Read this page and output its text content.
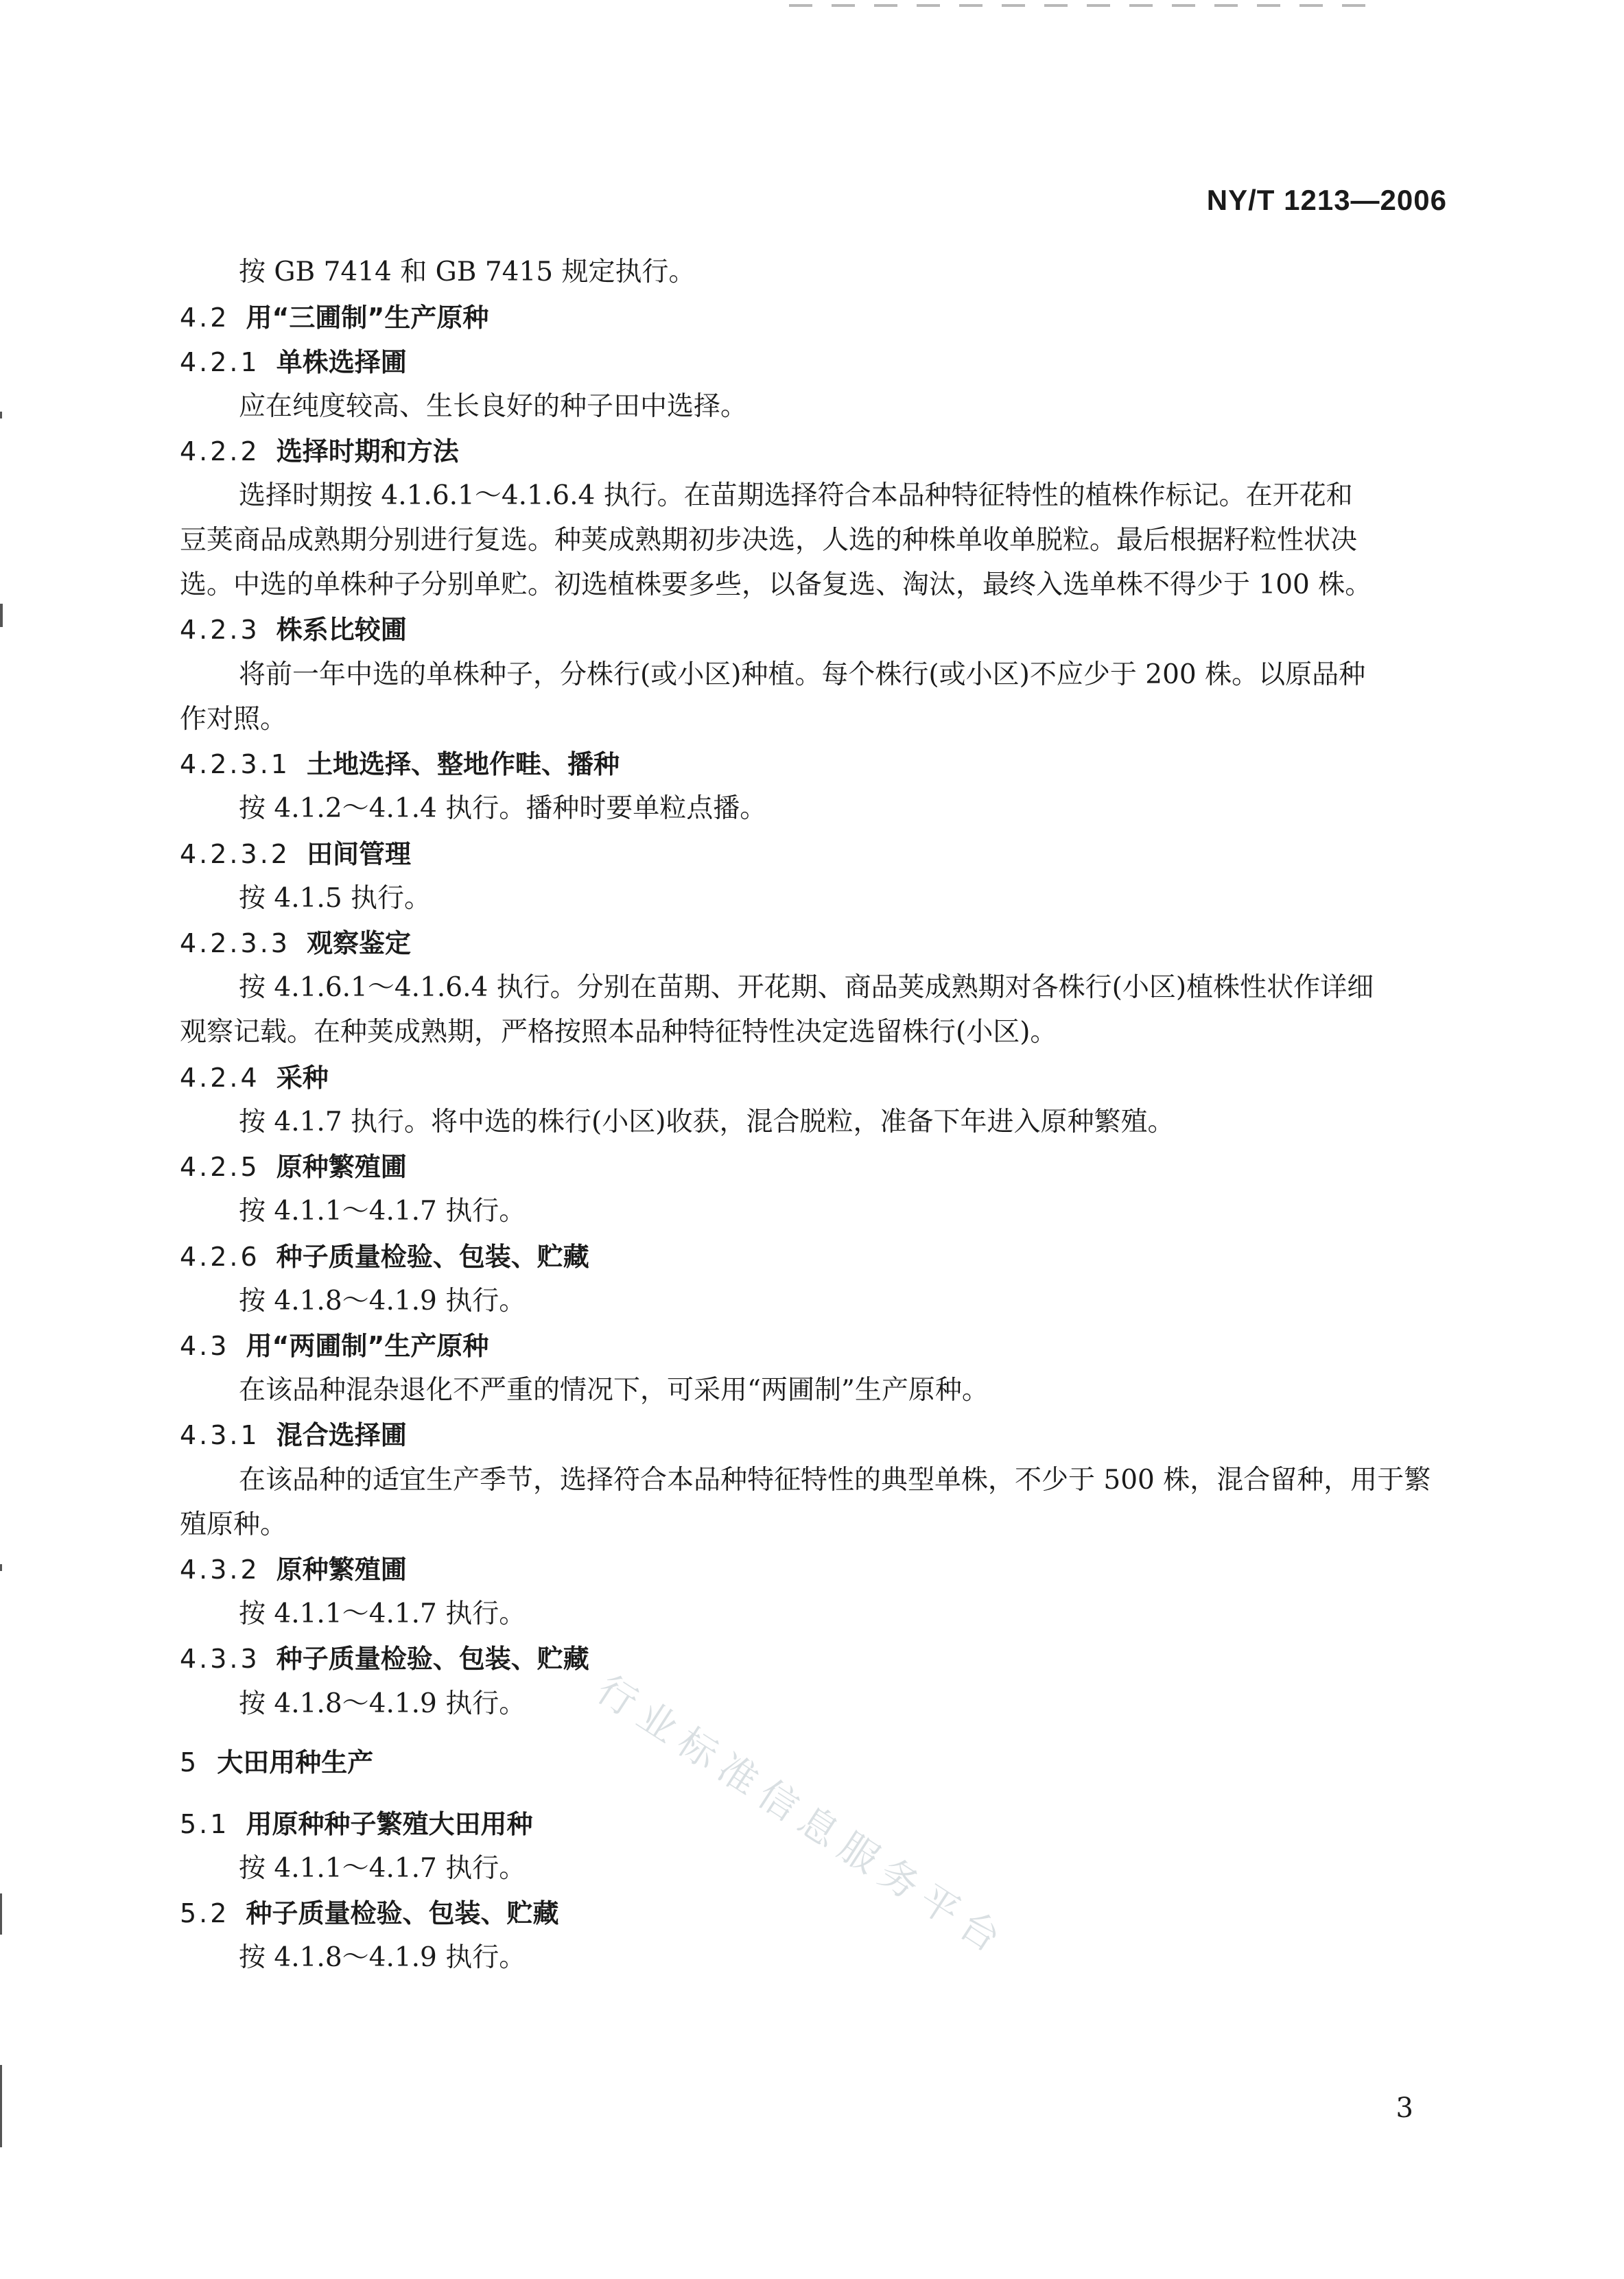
NY/T 1213—2006
按 GB 7414 和 GB 7415 规定执行。
4.2 用“三圃制”生产原种
4.2.1 单株选择圃
应在纯度较高、生长良好的种子田中选择。
4.2.2 选择时期和方法
选择时期按 4.1.6.1～4.1.6.4 执行。在苗期选择符合本品种特征特性的植株作标记。在开花和
豆荚商品成熟期分别进行复选。种荚成熟期初步决选，人选的种株单收单脱粒。最后根据籽粒性状决
选。中选的单株种子分别单贮。初选植株要多些，以备复选、淘汰，最终入选单株不得少于 100 株。
4.2.3 株系比较圃
将前一年中选的单株种子，分株行(或小区)种植。每个株行(或小区)不应少于 200 株。以原品种
作对照。
4.2.3.1 土地选择、整地作畦、播种
按 4.1.2～4.1.4 执行。播种时要单粒点播。
4.2.3.2 田间管理
按 4.1.5 执行。
4.2.3.3 观察鉴定
按 4.1.6.1～4.1.6.4 执行。分别在苗期、开花期、商品荚成熟期对各株行(小区)植株性状作详细
观察记载。在种荚成熟期，严格按照本品种特征特性决定选留株行(小区)。
4.2.4 采种
按 4.1.7 执行。将中选的株行(小区)收获，混合脱粒，准备下年进入原种繁殖。
4.2.5 原种繁殖圃
按 4.1.1～4.1.7 执行。
4.2.6 种子质量检验、包装、贮藏
按 4.1.8～4.1.9 执行。
4.3 用“两圃制”生产原种
在该品种混杂退化不严重的情况下，可采用“两圃制”生产原种。
4.3.1 混合选择圃
在该品种的适宜生产季节，选择符合本品种特征特性的典型单株，不少于 500 株，混合留种，用于繁
殖原种。
4.3.2 原种繁殖圃
按 4.1.1～4.1.7 执行。
4.3.3 种子质量检验、包装、贮藏
按 4.1.8～4.1.9 执行。
5 大田用种生产
5.1 用原种种子繁殖大田用种
按 4.1.1～4.1.7 执行。
5.2 种子质量检验、包装、贮藏
按 4.1.8～4.1.9 执行。 行业标准信息服务平台
3
